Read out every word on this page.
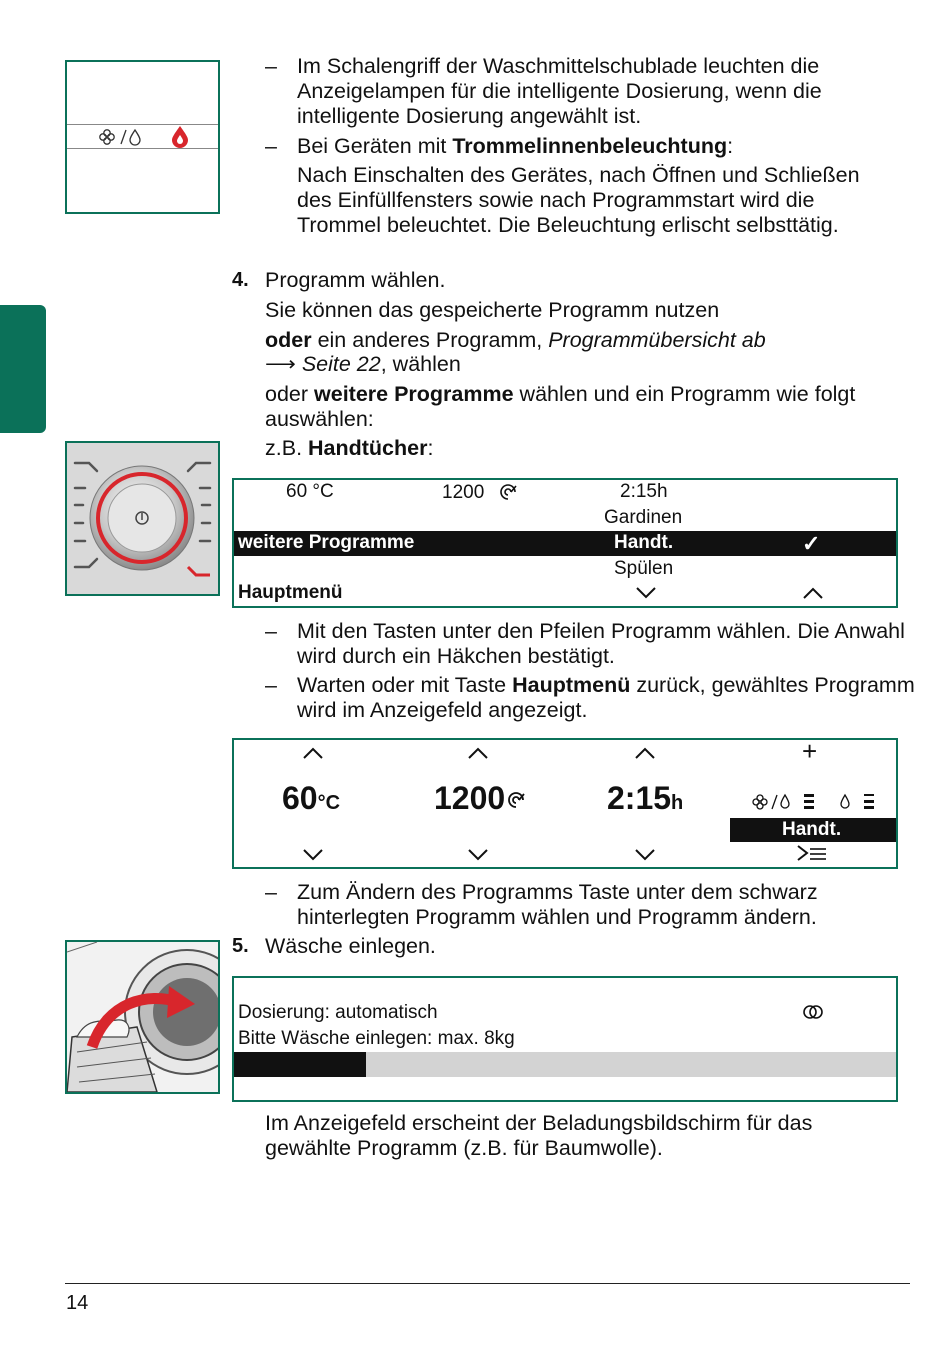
– Im Schalengriff der Waschmittelschublade leuchten die Anzeigelampen für die intelligente Dosierung, wenn die intelligente Dosierung angewählt ist.
– Bei Geräten mit Trommelinnenbeleuchtung:
Nach Einschalten des Gerätes, nach Öffnen und Schließen des Einfüllfensters sowie nach Programmstart wird die Trommel beleuchtet. Die Beleuchtung erlischt selbsttätig.
4. Programm wählen.
Sie können das gespeicherte Programm nutzen
oder ein anderes Programm, Programmübersicht ab
⟶ Seite 22, wählen
oder weitere Programme wählen und ein Programm wie folgt auswählen:
z.B. Handtücher:
60 °C	1200	2:15h
Gardinen
weitere Programme	Handt.	✓
Spülen
Hauptmenü
– Mit den Tasten unter den Pfeilen Programm wählen. Die Anwahl wird durch ein Häkchen bestätigt.
– Warten oder mit Taste Hauptmenü zurück, gewähltes Programm wird im Anzeigefeld angezeigt.
+
60°C	1200	2:15h
Handt.
– Zum Ändern des Programms Taste unter dem schwarz hinterlegten Programm wählen und Programm ändern.
5. Wäsche einlegen.
Dosierung: automatisch
Bitte Wäsche einlegen: max. 8kg
Im Anzeigefeld erscheint der Beladungsbildschirm für das gewählte Programm (z.B. für Baumwolle).
14
